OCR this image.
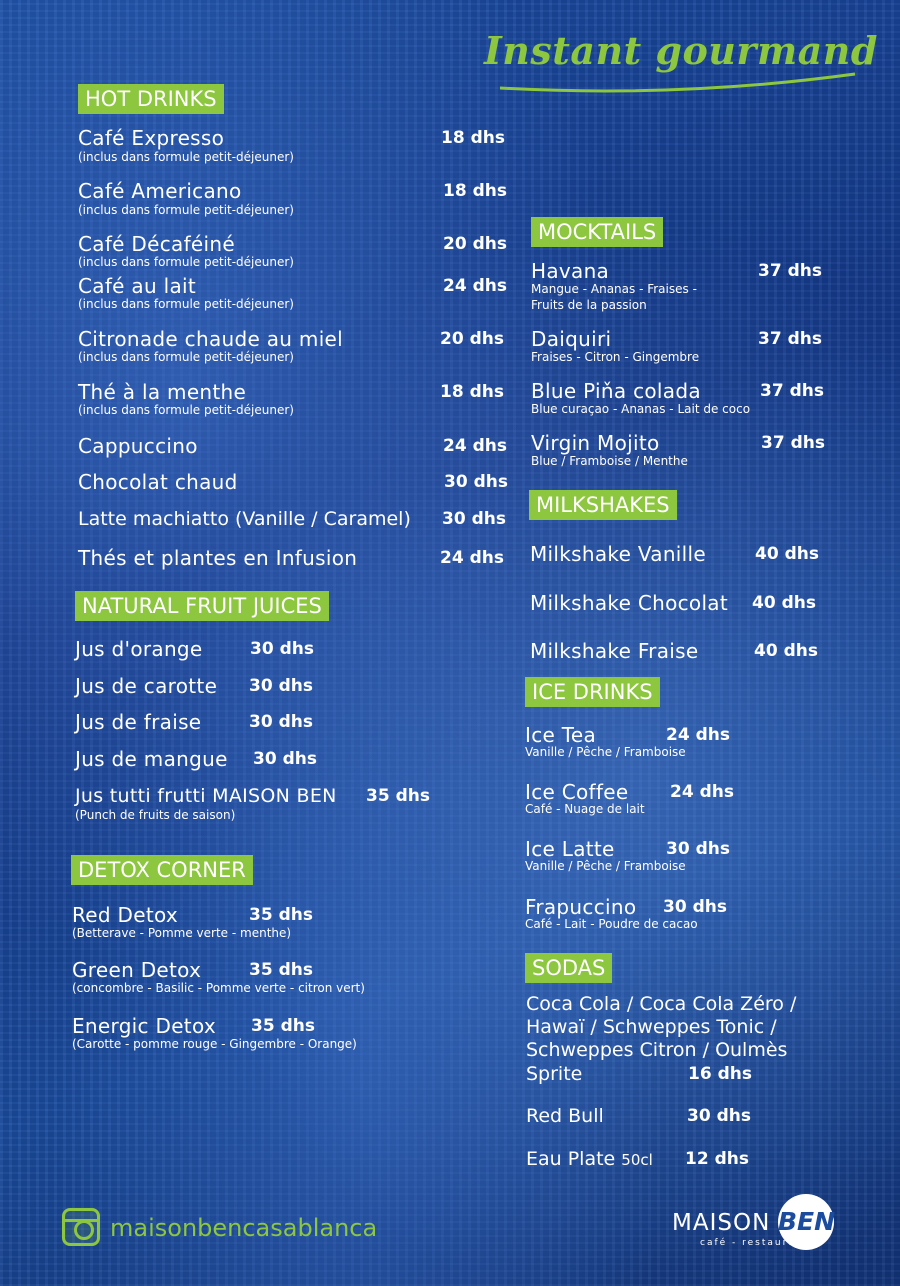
Instant gourmand
HOT DRINKS
Café Expresso
(inclus dans formule petit-déjeuner)
18 dhs
Café Americano
(inclus dans formule petit-déjeuner)
18 dhs
Café Décaféiné
(inclus dans formule petit-déjeuner)
20 dhs
Café au lait
(inclus dans formule petit-déjeuner)
24 dhs
Citronade chaude au miel
(inclus dans formule petit-déjeuner)
20 dhs
Thé à la menthe
(inclus dans formule petit-déjeuner)
18 dhs
Cappuccino	24 dhs
Chocolat chaud	30 dhs
Latte machiatto (Vanille / Caramel) 30 dhs
Thés et plantes en Infusion	24 dhs
NATURAL FRUIT JUICES
Jus d'orange	30 dhs
Jus de carotte 30 dhs
Jus de fraise	30 dhs
Jus de mangue 30 dhs
Jus tutti frutti MAISON BEN
(Punch de fruits de saison)
35 dhs
DETOX CORNER
Red Detox
(Betterave - Pomme verte - menthe)
35 dhs
Green Detox
(concombre - Basilic - Pomme verte - citron vert)
35 dhs
Energic Detox
(Carotte - pomme rouge - Gingembre - Orange)
35 dhs
MOCKTAILS
Havana
Mangue - Ananas - Fraises -
Fruits de la passion
37 dhs
Daiquiri
Fraises - Citron - Gingembre
37 dhs
Blue Piňa colada
Blue curaçao - Ananas - Lait de coco
37 dhs
Virgin Mojito
Blue / Framboise / Menthe
37 dhs
MILKSHAKES
Milkshake Vanille	40 dhs
Milkshake Chocolat 40 dhs
Milkshake Fraise	40 dhs
ICE DRINKS
Ice Tea
Vanille / Pêche / Framboise
24 dhs
Ice Coffee
Café - Nuage de lait
24 dhs
Ice Latte
Vanille / Pêche / Framboise
30 dhs
Frapuccino
Café - Lait - Poudre de cacao
30 dhs
SODAS
Coca Cola / Coca Cola Zéro /
Hawaï / Schweppes Tonic /
Schweppes Citron / Oulmès
Sprite	16 dhs
Red Bull	30 dhs
Eau Plate 50cl 12 dhs
maisonbencasablanca	MAISON BEN
café - restaurant
